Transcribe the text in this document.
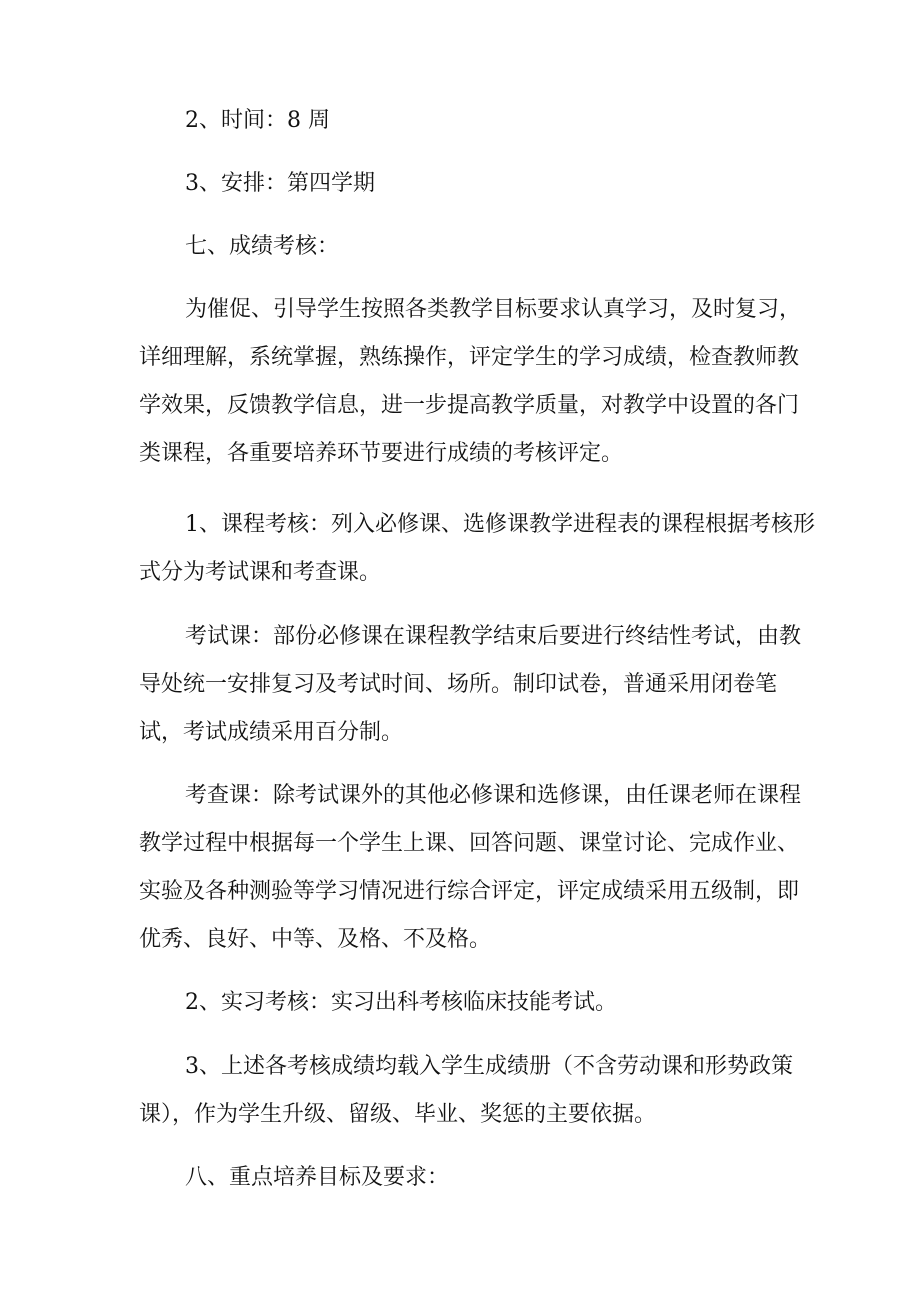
2、时间：8 周
3、安排：第四学期
七、成绩考核：
为催促、引导学生按照各类教学目标要求认真学习，及时复习，
详细理解，系统掌握，熟练操作，评定学生的学习成绩，检查教师教
学效果，反馈教学信息，进一步提高教学质量，对教学中设置的各门
类课程，各重要培养环节要进行成绩的考核评定。
1、课程考核：列入必修课、选修课教学进程表的课程根据考核形
式分为考试课和考查课。
考试课：部份必修课在课程教学结束后要进行终结性考试，由教
导处统一安排复习及考试时间、场所。制印试卷，普通采用闭卷笔
试，考试成绩采用百分制。
考查课：除考试课外的其他必修课和选修课，由任课老师在课程
教学过程中根据每一个学生上课、回答问题、课堂讨论、完成作业、
实验及各种测验等学习情况进行综合评定，评定成绩采用五级制，即
优秀、良好、中等、及格、不及格。
2、实习考核：实习出科考核临床技能考试。
3、上述各考核成绩均载入学生成绩册（不含劳动课和形势政策
课），作为学生升级、留级、毕业、奖惩的主要依据。
八、重点培养目标及要求：
